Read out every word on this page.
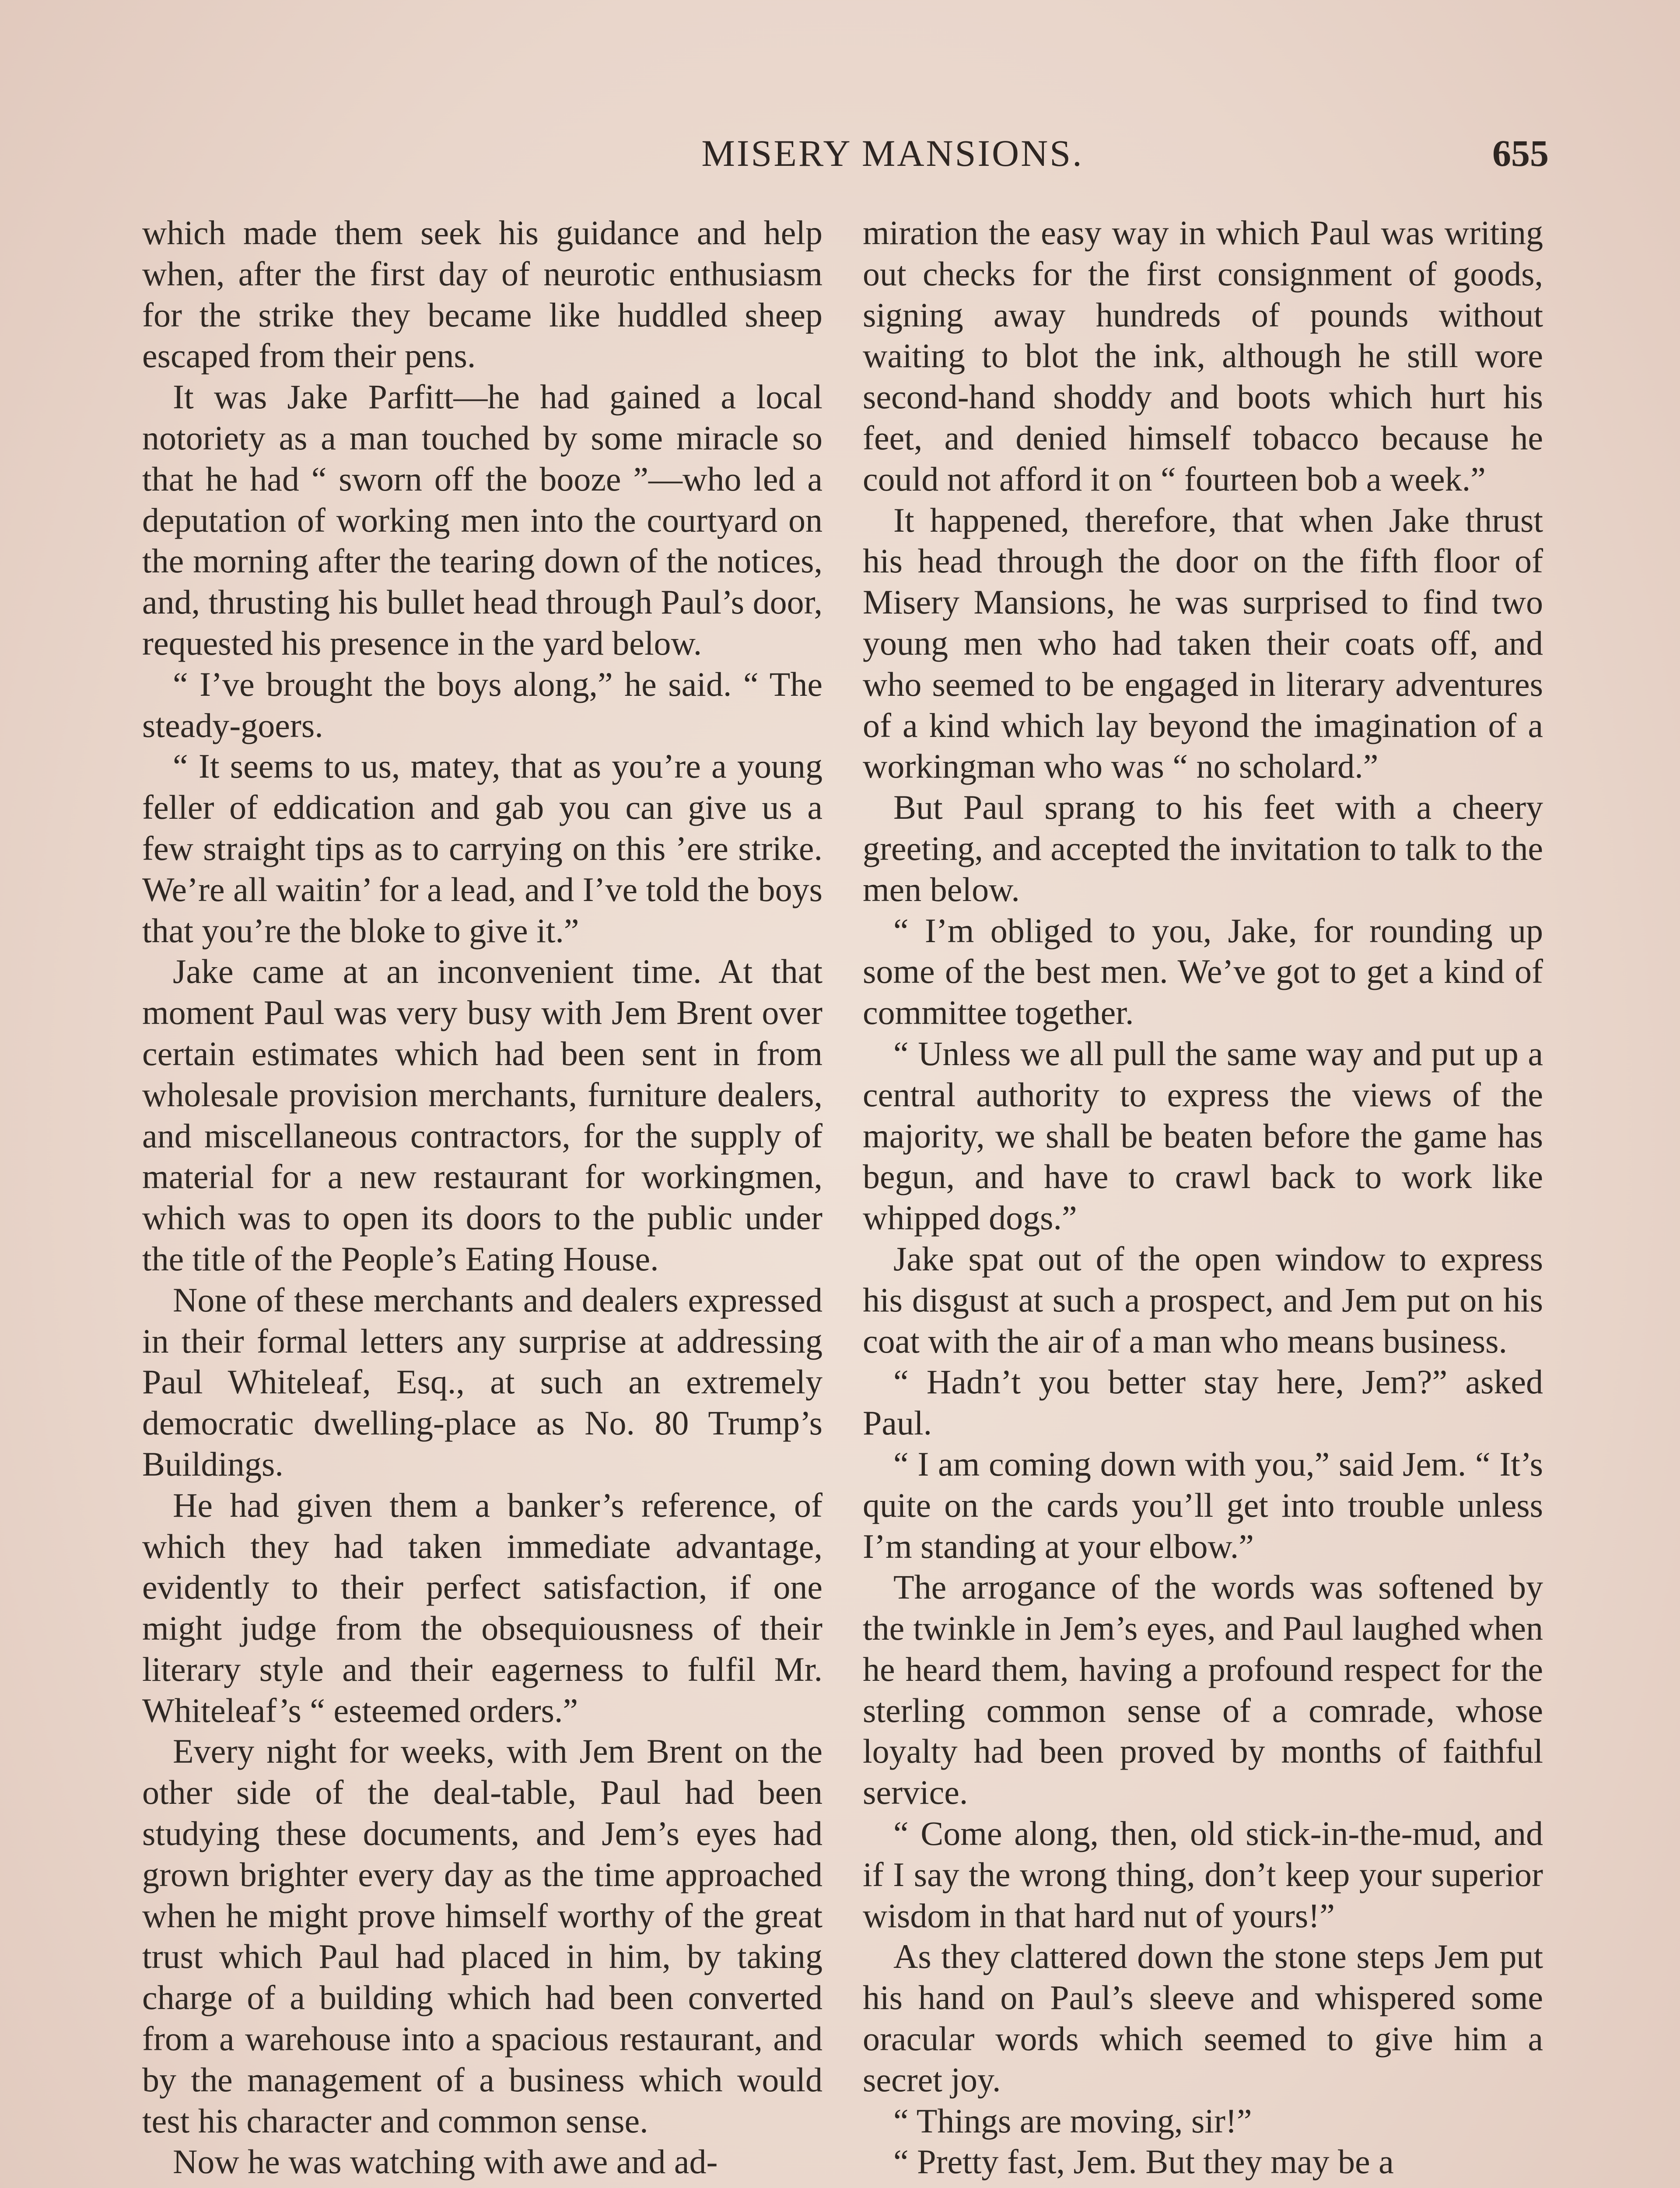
MISERY MANSIONS.	655

which made them seek his guidance and help when, after the first day of neurotic enthusiasm for the strike they became like huddled sheep escaped from their pens.

It was Jake Parfitt—he had gained a local notoriety as a man touched by some miracle so that he had “ sworn off the booze ”—who led a deputation of working men into the courtyard on the morning after the tearing down of the notices, and, thrusting his bullet head through Paul’s door, requested his presence in the yard below.

“ I’ve brought the boys along,” he said. “ The steady-goers.

“ It seems to us, matey, that as you’re a young feller of eddication and gab you can give us a few straight tips as to carrying on this ’ere strike. We’re all waitin’ for a lead, and I’ve told the boys that you’re the bloke to give it.”

Jake came at an inconvenient time. At that moment Paul was very busy with Jem Brent over certain estimates which had been sent in from wholesale provision merchants, furniture dealers, and miscellaneous contractors, for the supply of material for a new restaurant for workingmen, which was to open its doors to the public under the title of the People’s Eating House.

None of these merchants and dealers expressed in their formal letters any surprise at addressing Paul Whiteleaf, Esq., at such an extremely democratic dwelling-place as No. 80 Trump’s Buildings.

He had given them a banker’s reference, of which they had taken immediate advantage, evidently to their perfect satisfaction, if one might judge from the obsequiousness of their literary style and their eagerness to fulfil Mr. Whiteleaf’s “ esteemed orders.”

Every night for weeks, with Jem Brent on the other side of the deal-table, Paul had been studying these documents, and Jem’s eyes had grown brighter every day as the time approached when he might prove himself worthy of the great trust which Paul had placed in him, by taking charge of a building which had been converted from a warehouse into a spacious restaurant, and by the management of a business which would test his character and common sense.

Now he was watching with awe and ad-

miration the easy way in which Paul was writing out checks for the first consignment of goods, signing away hundreds of pounds without waiting to blot the ink, although he still wore second-hand shoddy and boots which hurt his feet, and denied himself tobacco because he could not afford it on “ fourteen bob a week.”

It happened, therefore, that when Jake thrust his head through the door on the fifth floor of Misery Mansions, he was surprised to find two young men who had taken their coats off, and who seemed to be engaged in literary adventures of a kind which lay beyond the imagination of a workingman who was “ no scholard.”

But Paul sprang to his feet with a cheery greeting, and accepted the invitation to talk to the men below.

“ I’m obliged to you, Jake, for rounding up some of the best men. We’ve got to get a kind of committee together.

“ Unless we all pull the same way and put up a central authority to express the views of the majority, we shall be beaten before the game has begun, and have to crawl back to work like whipped dogs.”

Jake spat out of the open window to express his disgust at such a prospect, and Jem put on his coat with the air of a man who means business.

“ Hadn’t you better stay here, Jem?” asked Paul.

“ I am coming down with you,” said Jem. “ It’s quite on the cards you’ll get into trouble unless I’m standing at your elbow.”

The arrogance of the words was softened by the twinkle in Jem’s eyes, and Paul laughed when he heard them, having a profound respect for the sterling common sense of a comrade, whose loyalty had been proved by months of faithful service.

“ Come along, then, old stick-in-the-mud, and if I say the wrong thing, don’t keep your superior wisdom in that hard nut of yours!”

As they clattered down the stone steps Jem put his hand on Paul’s sleeve and whispered some oracular words which seemed to give him a secret joy.

“ Things are moving, sir!”

“ Pretty fast, Jem. But they may be a
